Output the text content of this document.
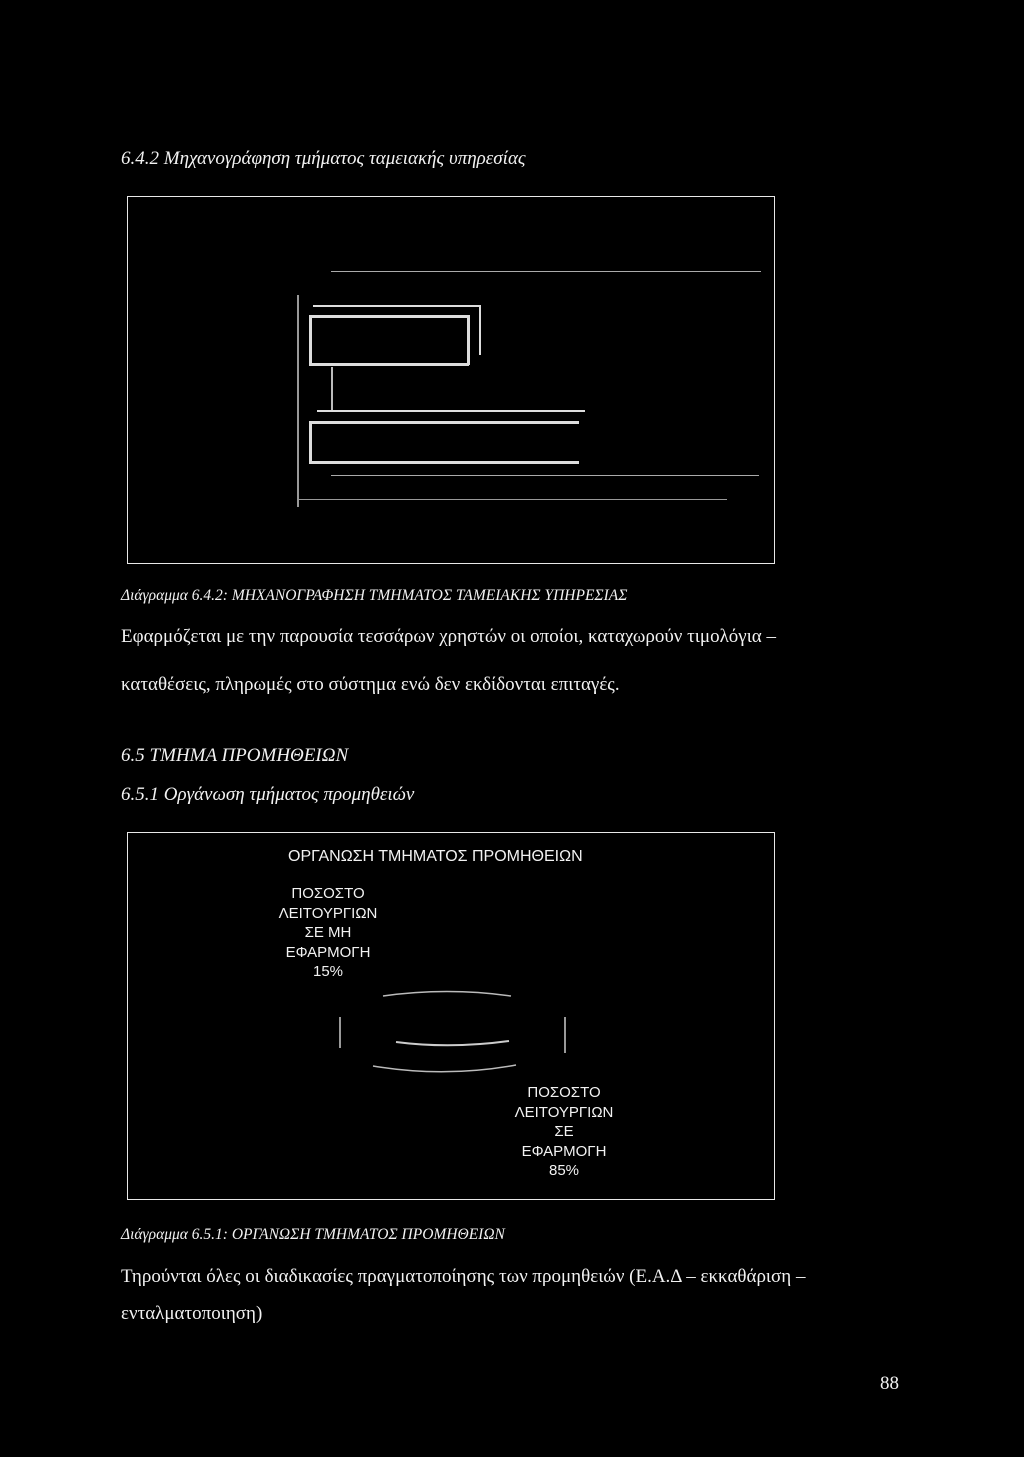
6.4.2 Μηχανογράφηση τμήματος ταμειακής υπηρεσίας
Διάγραμμα 6.4.2: ΜΗΧΑΝΟΓΡΑΦΗΣΗ ΤΜΗΜΑΤΟΣ ΤΑΜΕΙΑΚΗΣ ΥΠΗΡΕΣΙΑΣ
Εφαρμόζεται με την παρουσία τεσσάρων χρηστών οι οποίοι, καταχωρούν τιμολόγια –
καταθέσεις, πληρωμές στο σύστημα ενώ δεν εκδίδονται επιταγές.
6.5 ΤΜΗΜΑ ΠΡΟΜΗΘΕΙΩΝ
6.5.1 Οργάνωση τμήματος προμηθειών
ΟΡΓΑΝΩΣΗ ΤΜΗΜΑΤΟΣ ΠΡΟΜΗΘΕΙΩΝ
ΠΟΣΟΣΤΟ
ΛΕΙΤΟΥΡΓΙΩΝ
ΣΕ ΜΗ
ΕΦΑΡΜΟΓΗ
15%
ΠΟΣΟΣΤΟ
ΛΕΙΤΟΥΡΓΙΩΝ
ΣΕ
ΕΦΑΡΜΟΓΗ
85%
Διάγραμμα 6.5.1: ΟΡΓΑΝΩΣΗ ΤΜΗΜΑΤΟΣ ΠΡΟΜΗΘΕΙΩΝ
Τηρούνται όλες οι διαδικασίες πραγματοποίησης των προμηθειών (Ε.Α.Δ – εκκαθάριση –
ενταλματοποιηση)
88
